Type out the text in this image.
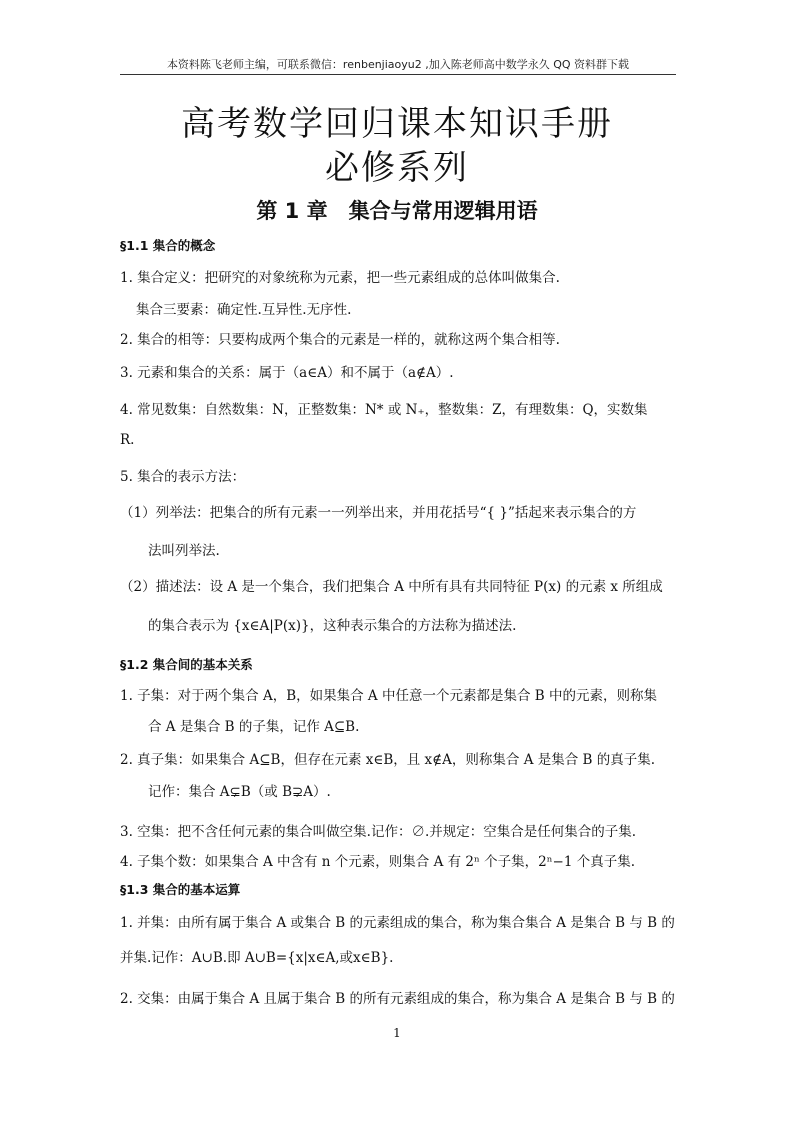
本资料陈飞老师主编，可联系微信：renbenjiaoyu2 ,加入陈老师高中数学永久 QQ 资料群下载
高考数学回归课本知识手册
必修系列
第 1 章　集合与常用逻辑用语
§1.1 集合的概念
1. 集合定义：把研究的对象统称为元素，把一些元素组成的总体叫做集合.
集合三要素：确定性.互异性.无序性.
2. 集合的相等：只要构成两个集合的元素是一样的，就称这两个集合相等.
3. 元素和集合的关系：属于（a∈A）和不属于（a∉A）.
4. 常见数集：自然数集：N，正整数集：N* 或 N₊，整数集：Z，有理数集：Q，实数集
R.
5. 集合的表示方法：
（1）列举法：把集合的所有元素一一列举出来，并用花括号“{ }”括起来表示集合的方
法叫列举法.
（2）描述法：设 A 是一个集合，我们把集合 A 中所有具有共同特征 P(x) 的元素 x 所组成
的集合表示为 {x∈A|P(x)}，这种表示集合的方法称为描述法.
§1.2 集合间的基本关系
1. 子集：对于两个集合 A，B，如果集合 A 中任意一个元素都是集合 B 中的元素，则称集
合 A 是集合 B 的子集，记作 A⊆B.
2. 真子集：如果集合 A⊆B，但存在元素 x∈B，且 x∉A，则称集合 A 是集合 B 的真子集.
记作：集合 A⊊B（或 B⊋A）.
3. 空集：把不含任何元素的集合叫做空集.记作：∅.并规定：空集合是任何集合的子集.
4. 子集个数：如果集合 A 中含有 n 个元素，则集合 A 有 2ⁿ 个子集，2ⁿ−1 个真子集.
§1.3 集合的基本运算
1. 并集：由所有属于集合 A 或集合 B 的元素组成的集合，称为集合集合 A 是集合 B 与 B 的
并集.记作：A∪B.即 A∪B={x|x∈A,或x∈B}.
2. 交集：由属于集合 A 且属于集合 B 的所有元素组成的集合，称为集合 A 是集合 B 与 B 的
1
